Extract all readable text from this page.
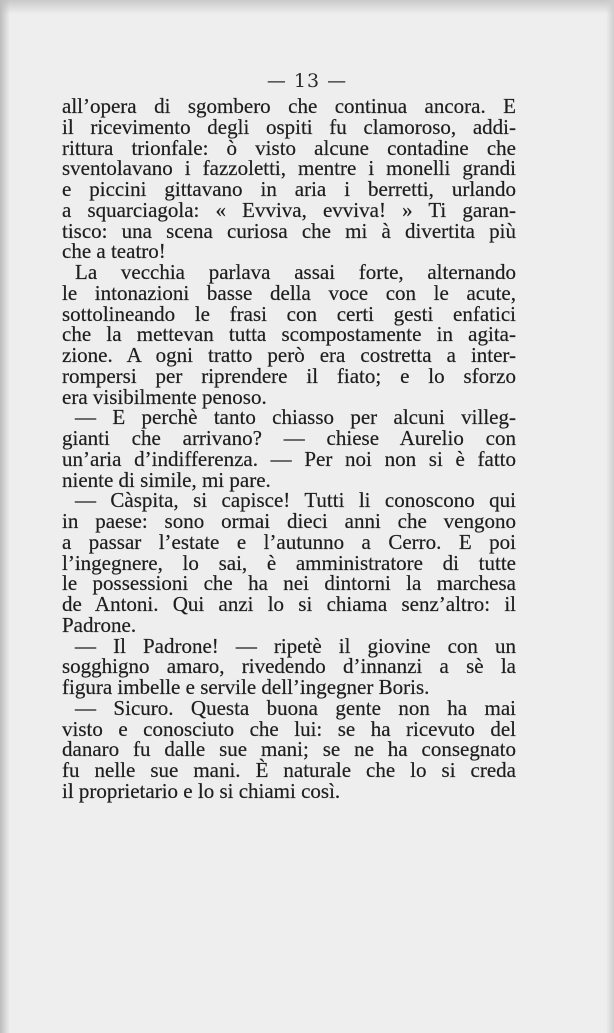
— 13 —
all’opera di sgombero che continua ancora. E
il ricevimento degli ospiti fu clamoroso, addi-
rittura trionfale: ò visto alcune contadine che
sventolavano i fazzoletti, mentre i monelli grandi
e piccini gittavano in aria i berretti, urlando
a squarciagola: « Evviva, evviva! » Ti garan-
tisco: una scena curiosa che mi à divertita più
che a teatro!
La vecchia parlava assai forte, alternando
le intonazioni basse della voce con le acute,
sottolineando le frasi con certi gesti enfatici
che la mettevan tutta scompostamente in agita-
zione. A ogni tratto però era costretta a inter-
rompersi per riprendere il fiato; e lo sforzo
era visibilmente penoso.
— E perchè tanto chiasso per alcuni villeg-
gianti che arrivano? — chiese Aurelio con
un’aria d’indifferenza. — Per noi non si è fatto
niente di simile, mi pare.
— Càspita, si capisce! Tutti li conoscono qui
in paese: sono ormai dieci anni che vengono
a passar l’estate e l’autunno a Cerro. E poi
l’ingegnere, lo sai, è amministratore di tutte
le possessioni che ha nei dintorni la marchesa
de Antoni. Qui anzi lo si chiama senz’altro: il
Padrone.
— Il Padrone! — ripetè il giovine con un
sogghigno amaro, rivedendo d’innanzi a sè la
figura imbelle e servile dell’ingegner Boris.
— Sicuro. Questa buona gente non ha mai
visto e conosciuto che lui: se ha ricevuto del
danaro fu dalle sue mani; se ne ha consegnato
fu nelle sue mani. È naturale che lo si creda
il proprietario e lo si chiami così.
